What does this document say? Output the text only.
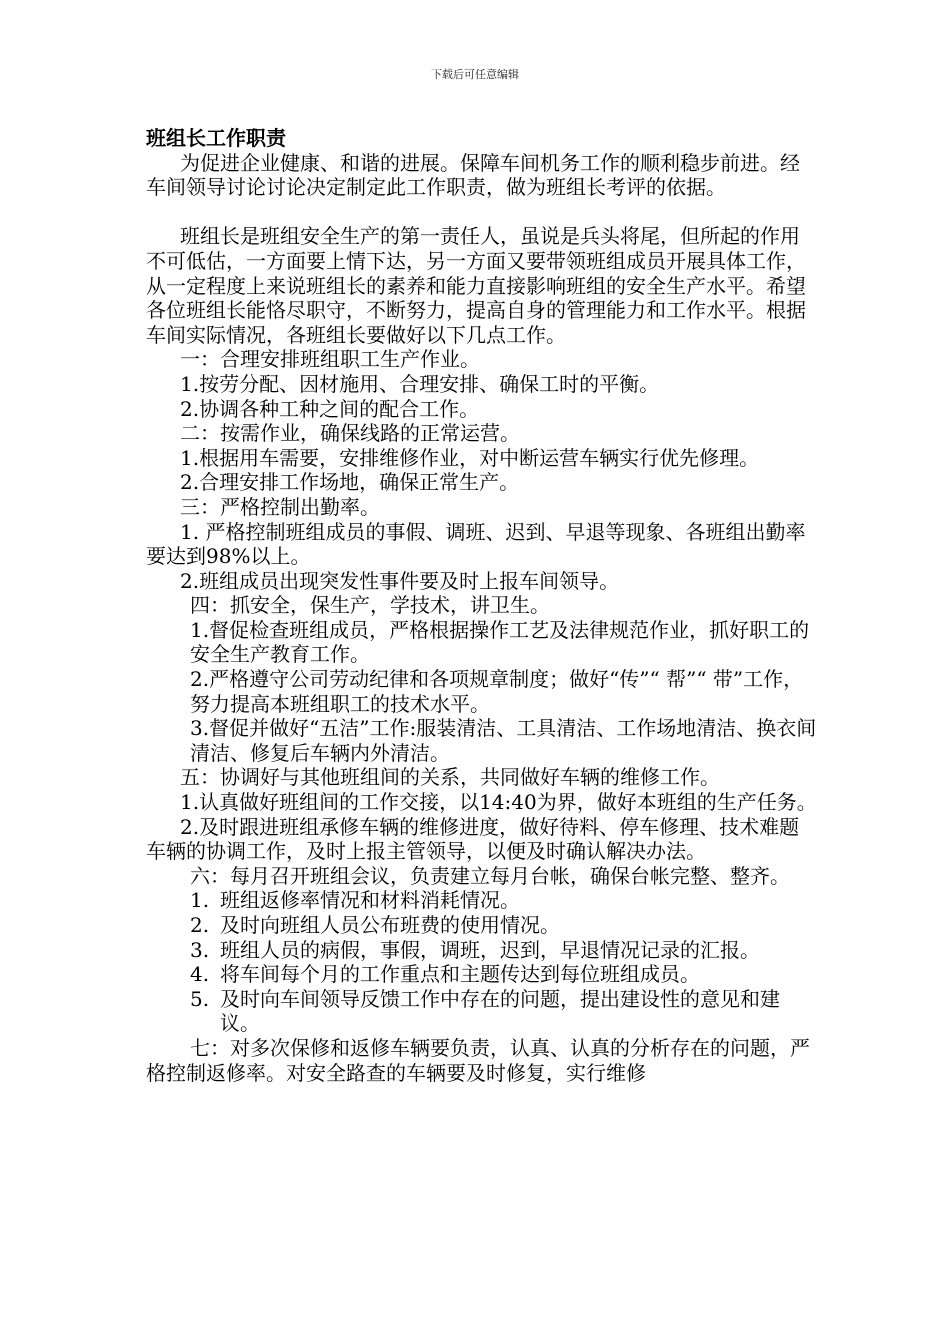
下载后可任意编辑

班组长工作职责

为促进企业健康、和谐的进展。保障车间机务工作的顺利稳步前进。经车间领导讨论讨论决定制定此工作职责，做为班组长考评的依据。

班组长是班组安全生产的第一责任人，虽说是兵头将尾，但所起的作用不可低估，一方面要上情下达，另一方面又要带领班组成员开展具体工作，从一定程度上来说班组长的素养和能力直接影响班组的安全生产水平。希望各位班组长能恪尽职守，不断努力，提高自身的管理能力和工作水平。根据车间实际情况，各班组长要做好以下几点工作。

一：合理安排班组职工生产作业。

1.按劳分配、因材施用、合理安排、确保工时的平衡。

2.协调各种工种之间的配合工作。

二：按需作业，确保线路的正常运营。

1.根据用车需要，安排维修作业，对中断运营车辆实行优先修理。

2.合理安排工作场地，确保正常生产。

三：严格控制出勤率。

1. 严格控制班组成员的事假、调班、迟到、早退等现象、各班组出勤率要达到98%以上。

2.班组成员出现突发性事件要及时上报车间领导。

四：抓安全，保生产，学技术，讲卫生。

1.督促检查班组成员，严格根据操作工艺及法律规范作业，抓好职工的安全生产教育工作。

2.严格遵守公司劳动纪律和各项规章制度；做好“传”“ 帮”“ 带”工作，努力提高本班组职工的技术水平。

3.督促并做好“五洁”工作:服装清洁、工具清洁、工作场地清洁、换衣间清洁、修复后车辆内外清洁。

五：协调好与其他班组间的关系，共同做好车辆的维修工作。

1.认真做好班组间的工作交接，以14:40为界，做好本班组的生产任务。

2.及时跟进班组承修车辆的维修进度，做好待料、停车修理、技术难题车辆的协调工作，及时上报主管领导，以便及时确认解决办法。

六：每月召开班组会议，负责建立每月台帐，确保台帐完整、整齐。

1. 班组返修率情况和材料消耗情况。
2. 及时向班组人员公布班费的使用情况。
3. 班组人员的病假，事假，调班，迟到，早退情况记录的汇报。
4. 将车间每个月的工作重点和主题传达到每位班组成员。
5. 及时向车间领导反馈工作中存在的问题，提出建设性的意见和建议。

七：对多次保修和返修车辆要负责，认真、认真的分析存在的问题，严格控制返修率。对安全路查的车辆要及时修复，实行维修
